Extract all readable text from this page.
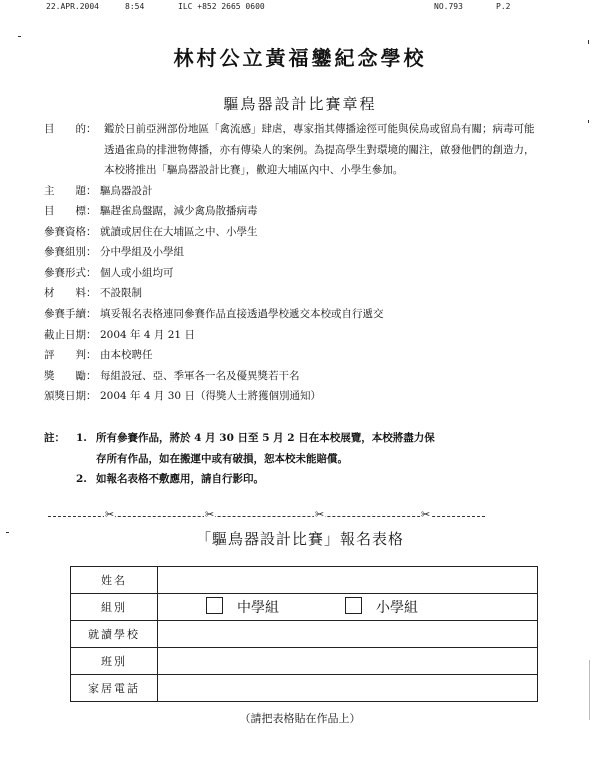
22.APR.2004	8:54	ILC +852 2665 0600	NO.793	P.2
林村公立黃福鑾紀念學校
驅鳥器設計比賽章程
目　　的： 鑑於日前亞洲部份地區「禽流感」肆虐，專家指其傳播途徑可能與侯鳥或留鳥有關；病毒可能透過雀鳥的排泄物傳播，亦有傳染人的案例。為提高學生對環境的關注，啟發他們的創造力，本校將推出「驅鳥器設計比賽」，歡迎大埔區內中、小學生參加。
主　　題： 驅鳥器設計
目　　標： 驅趕雀鳥盤踞，減少禽鳥散播病毒
參賽資格： 就讀或居住在大埔區之中、小學生
參賽組別： 分中學組及小學組
參賽形式： 個人或小組均可
材　　料： 不設限制
參賽手續： 填妥報名表格連同參賽作品直接透過學校遞交本校或自行遞交
截止日期： 2004 年 4 月 21 日
評　　判： 由本校聘任
獎　　勵： 每組設冠、亞、季軍各一名及優異獎若干名
頒獎日期： 2004 年 4 月 30 日（得獎人士將獲個別通知）
註： 1. 所有參賽作品，將於 4 月 30 日至 5 月 2 日在本校展覽，本校將盡力保
存所有作品，如在搬運中或有破損，恕本校未能賠償。
2. 如報名表格不敷應用，請自行影印。
✂	✂	✂	✂
「驅鳥器設計比賽」報名表格
姓名	
組別	中學組 小學組
就讀學校	
班別	
家居電話	
（請把表格貼在作品上）
